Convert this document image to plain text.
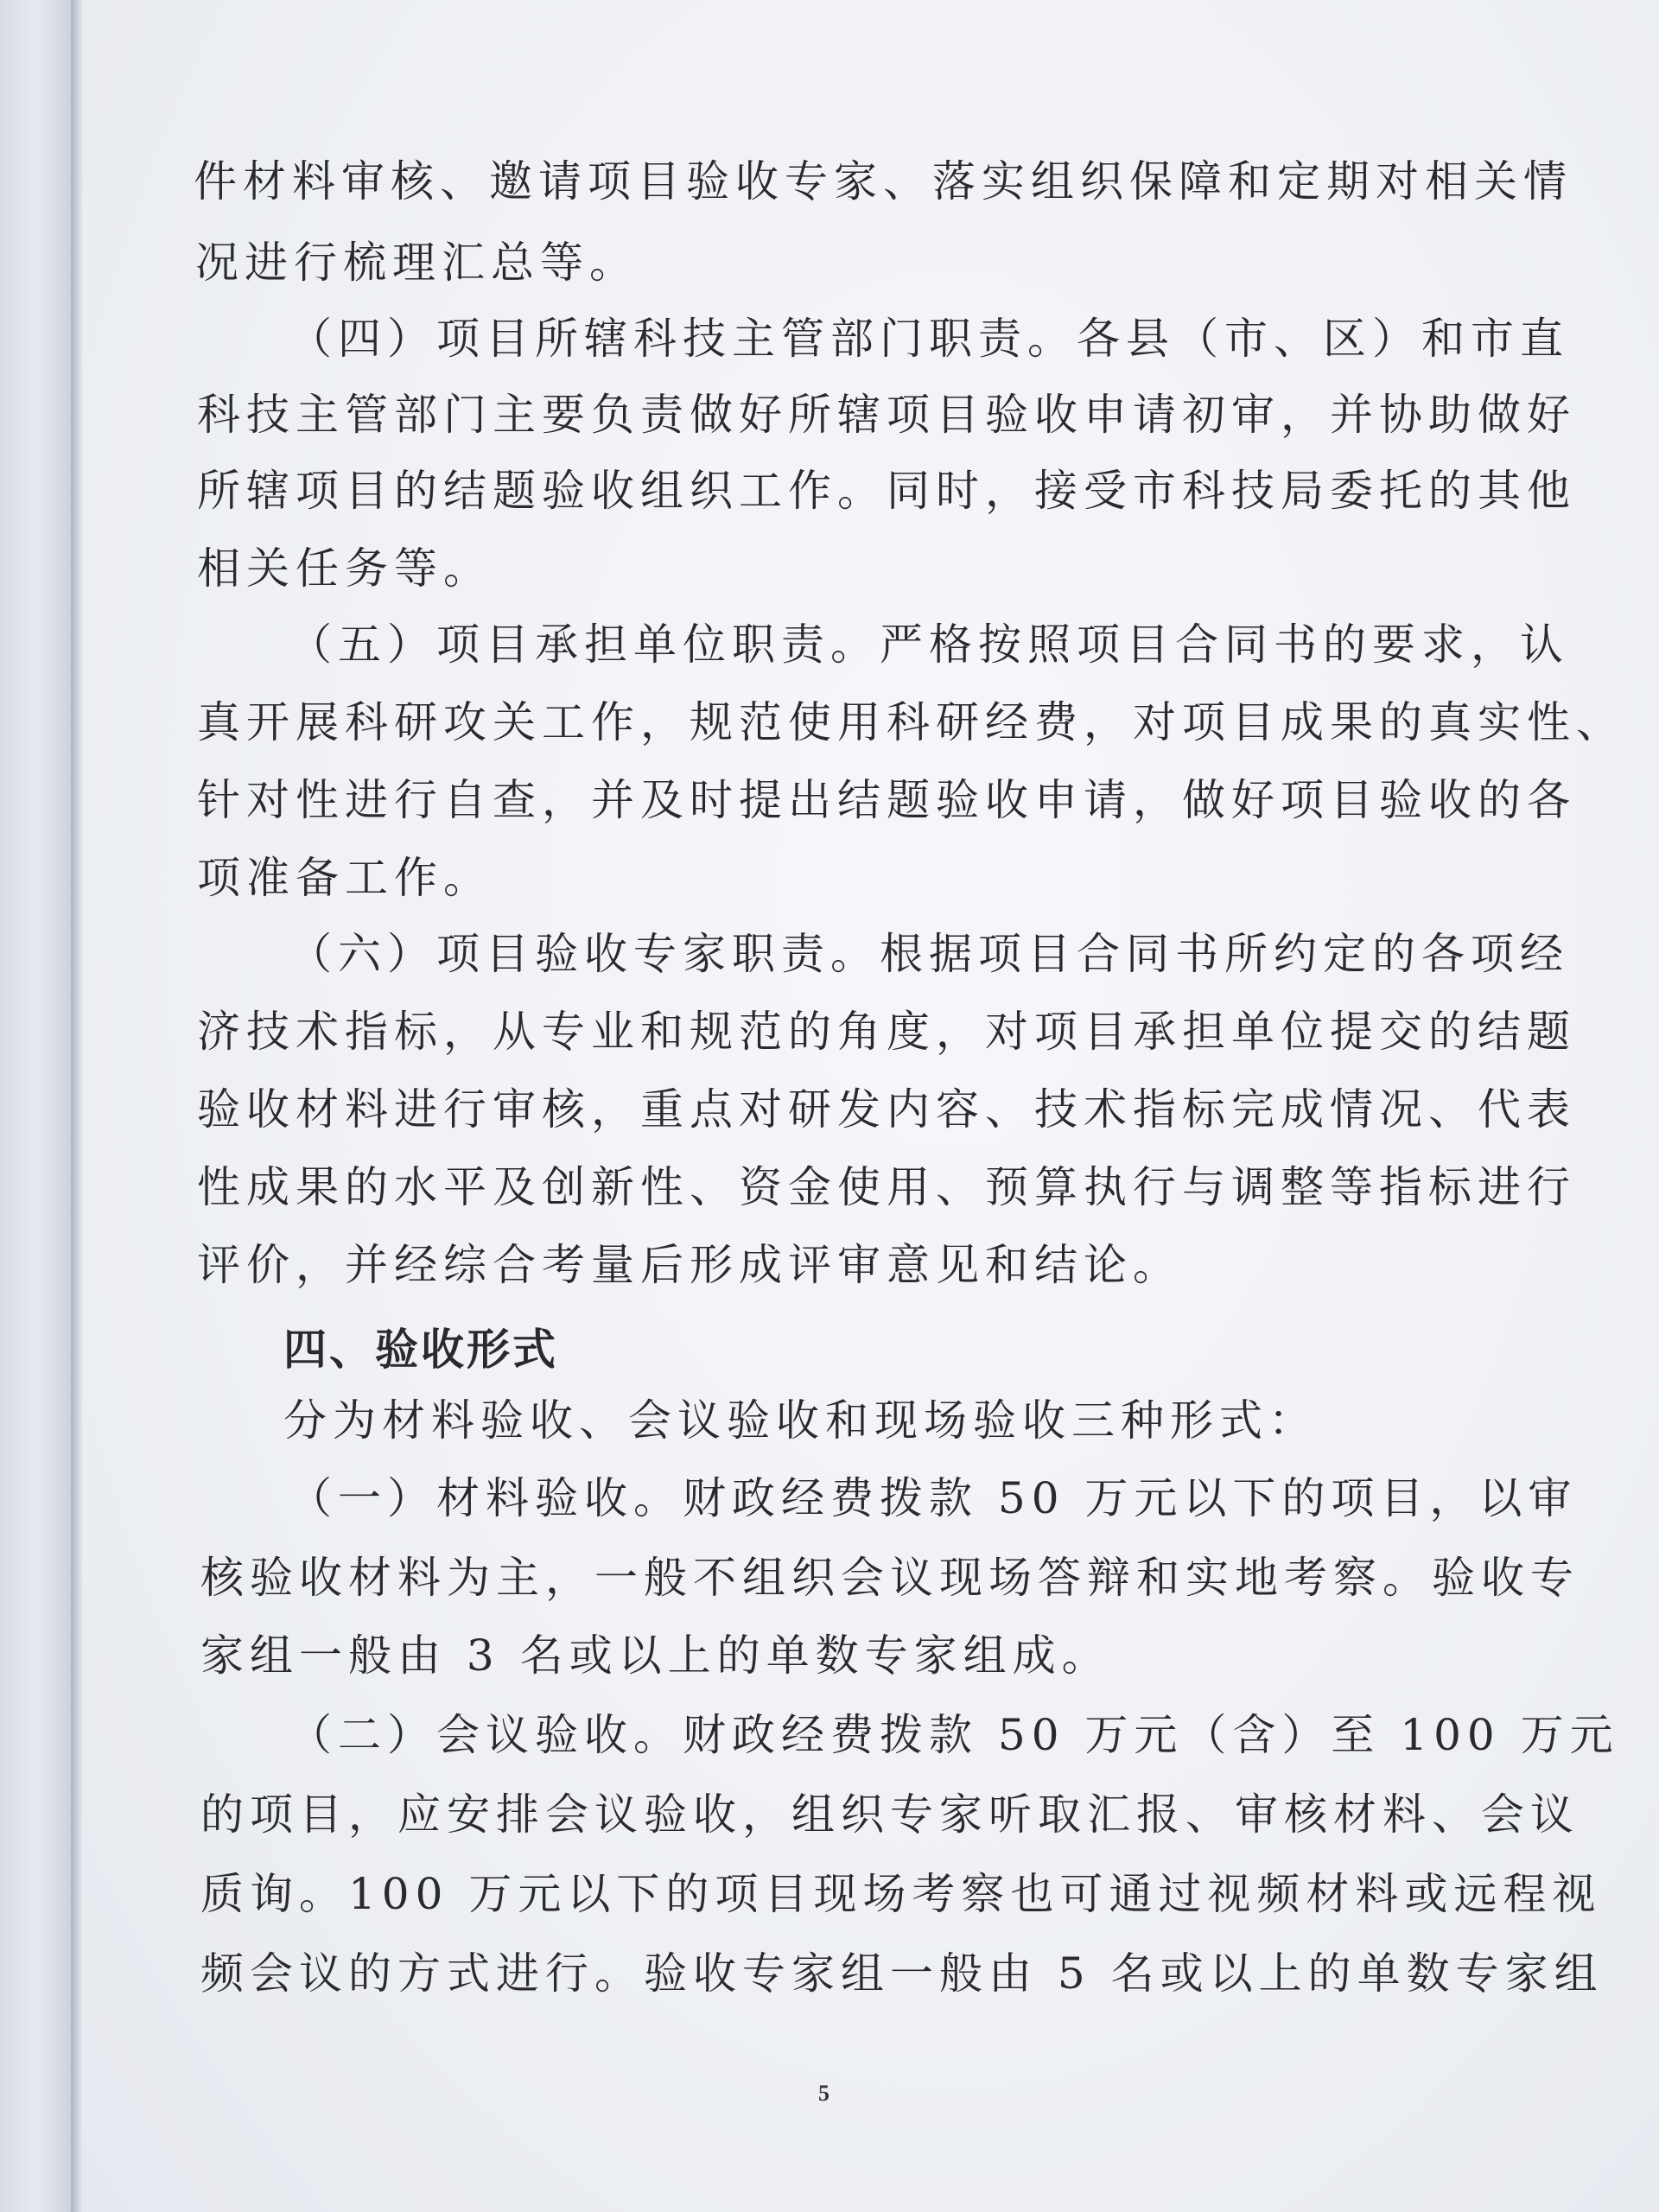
件材料审核、邀请项目验收专家、落实组织保障和定期对相关情
况进行梳理汇总等。
（四）项目所辖科技主管部门职责。各县（市、区）和市直
科技主管部门主要负责做好所辖项目验收申请初审，并协助做好
所辖项目的结题验收组织工作。同时，接受市科技局委托的其他
相关任务等。
（五）项目承担单位职责。严格按照项目合同书的要求，认
真开展科研攻关工作，规范使用科研经费，对项目成果的真实性、
针对性进行自查，并及时提出结题验收申请，做好项目验收的各
项准备工作。
（六）项目验收专家职责。根据项目合同书所约定的各项经
济技术指标，从专业和规范的角度，对项目承担单位提交的结题
验收材料进行审核，重点对研发内容、技术指标完成情况、代表
性成果的水平及创新性、资金使用、预算执行与调整等指标进行
评价，并经综合考量后形成评审意见和结论。
四、验收形式
分为材料验收、会议验收和现场验收三种形式：
（一）材料验收。财政经费拨款 50 万元以下的项目，以审
核验收材料为主，一般不组织会议现场答辩和实地考察。验收专
家组一般由 3 名或以上的单数专家组成。
（二）会议验收。财政经费拨款 50 万元（含）至 100 万元
的项目，应安排会议验收，组织专家听取汇报、审核材料、会议
质询。100 万元以下的项目现场考察也可通过视频材料或远程视
频会议的方式进行。验收专家组一般由 5 名或以上的单数专家组
5
